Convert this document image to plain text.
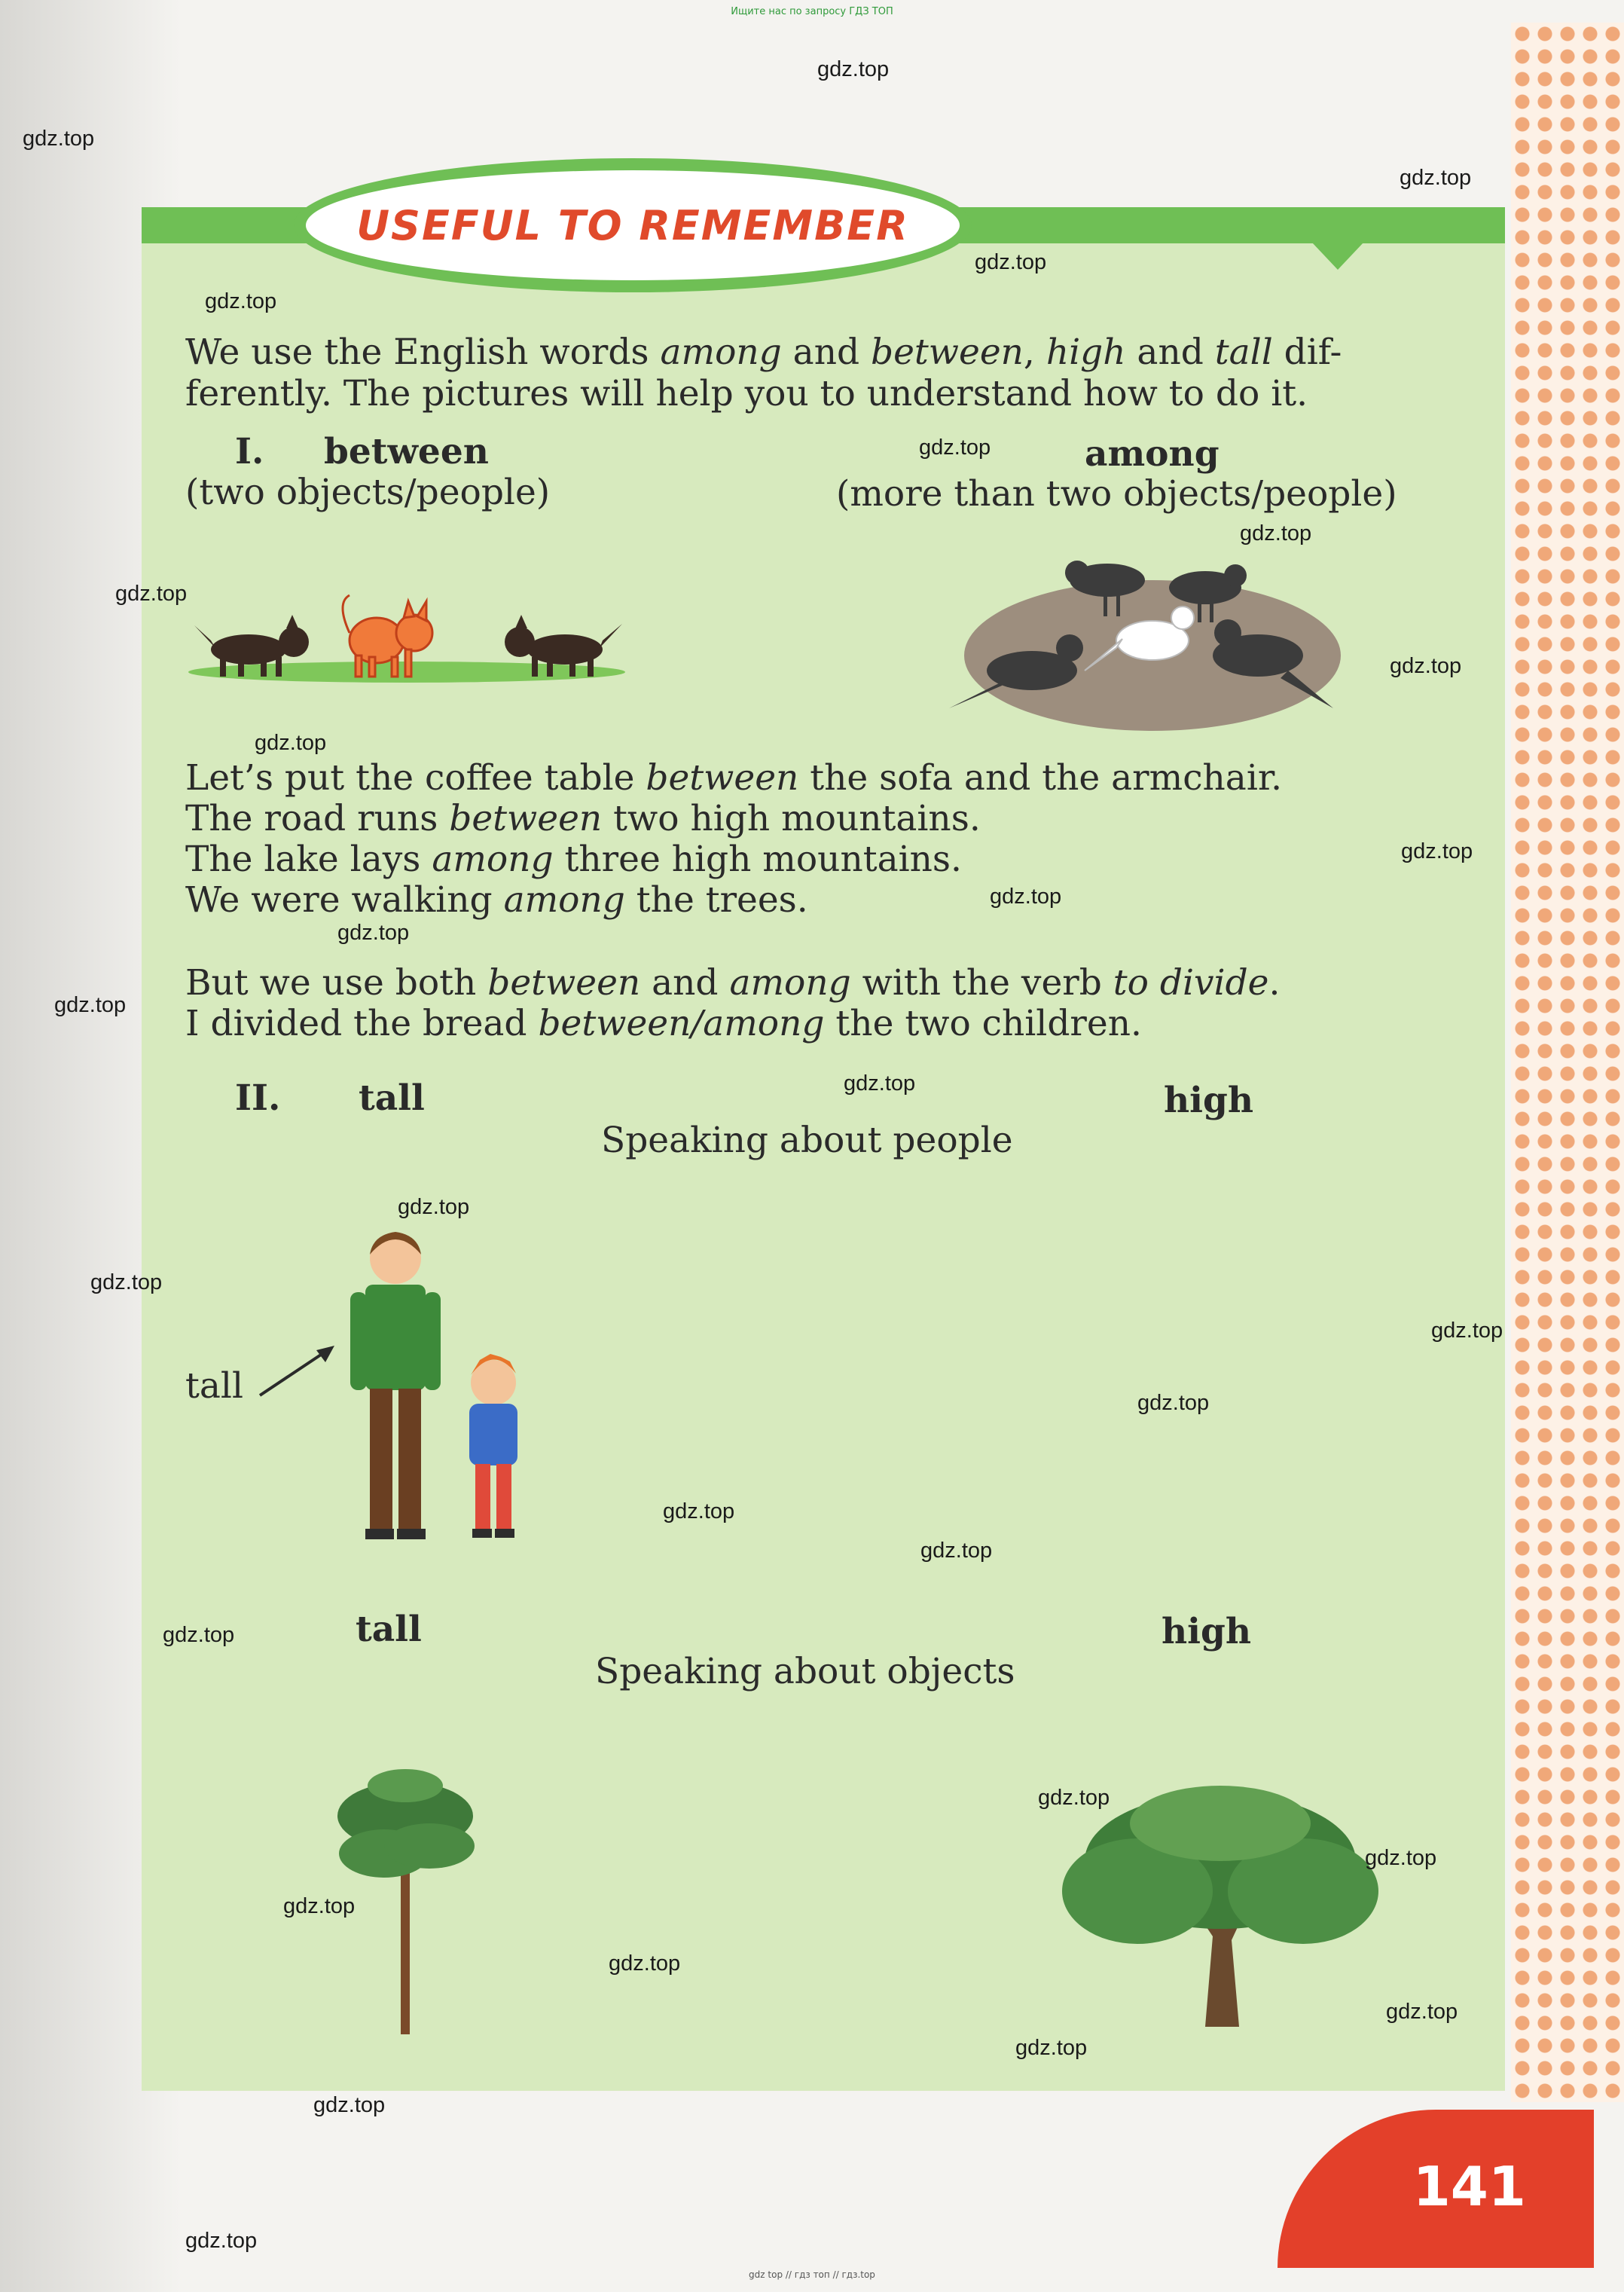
Ищите нас по запросу ГДЗ ТОП
USEFUL TO REMEMBER
We use the English words among and between, high and tall dif-
ferently. The pictures will help you to understand how to do it.
I. between
(two objects/people)
among
(more than two objects/people)
Let’s put the coffee table between the sofa and the armchair.
The road runs between two high mountains.
The lake lays among three high mountains.
We were walking among the trees.
But we use both between and among with the verb to divide.
I divided the bread between/among the two children.
II. tall	high
Speaking about people
tall
tall	high
Speaking about objects
141
gdz top // гдз топ // гдз.top
gdz.top
gdz.top
gdz.top
gdz.top
gdz.top
gdz.top
gdz.top
gdz.top
gdz.top
gdz.top
gdz.top
gdz.top
gdz.top
gdz.top
gdz.top
gdz.top
gdz.top
gdz.top
gdz.top
gdz.top
gdz.top
gdz.top
gdz.top
gdz.top
gdz.top
gdz.top
gdz.top
gdz.top
gdz.top
gdz.top
